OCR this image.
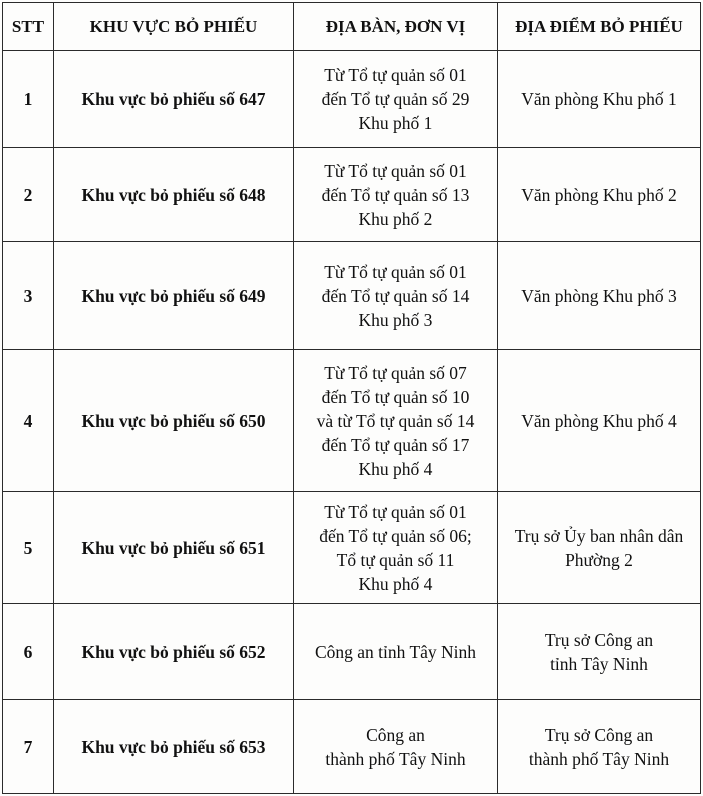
STT	KHU VỰC BỎ PHIẾU	ĐỊA BÀN, ĐƠN VỊ	ĐỊA ĐIỂM BỎ PHIẾU
1	Khu vực bỏ phiếu số 647	Từ Tổ tự quản số 01
đến Tổ tự quản số 29
Khu phố 1	Văn phòng Khu phố 1

2	Khu vực bỏ phiếu số 648	Từ Tổ tự quản số 01
đến Tổ tự quản số 13
Khu phố 2	Văn phòng Khu phố 2

3	Khu vực bỏ phiếu số 649	Từ Tổ tự quản số 01
đến Tổ tự quản số 14
Khu phố 3	Văn phòng Khu phố 3

4	Khu vực bỏ phiếu số 650	Từ Tổ tự quản số 07
đến Tổ tự quản số 10
và từ Tổ tự quản số 14
đến Tổ tự quản số 17
Khu phố 4	Văn phòng Khu phố 4

5	Khu vực bỏ phiếu số 651	Từ Tổ tự quản số 01
đến Tổ tự quản số 06;
Tổ tự quản số 11
Khu phố 4	Trụ sở Ủy ban nhân dân
Phường 2

6	Khu vực bỏ phiếu số 652	Công an tỉnh Tây Ninh	Trụ sở Công an
tỉnh Tây Ninh

7	Khu vực bỏ phiếu số 653	Công an
thành phố Tây Ninh	Trụ sở Công an
thành phố Tây Ninh
